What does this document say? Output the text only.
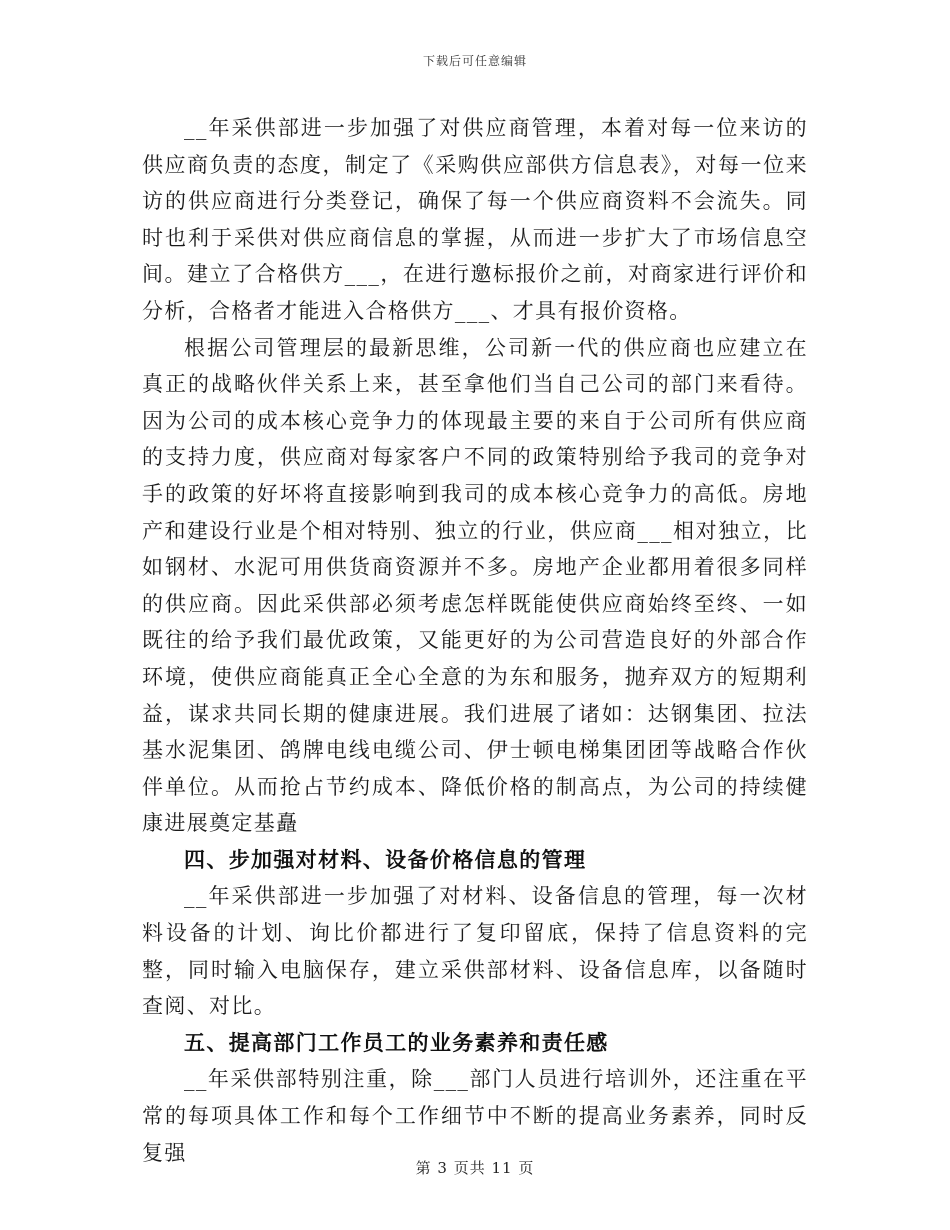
下载后可任意编辑

__年采供部进一步加强了对供应商管理，本着对每一位来访的供应商负责的态度，制定了《采购供应部供方信息表》，对每一位来访的供应商进行分类登记，确保了每一个供应商资料不会流失。同时也利于采供对供应商信息的掌握，从而进一步扩大了市场信息空间。建立了合格供方___，在进行邀标报价之前，对商家进行评价和分析，合格者才能进入合格供方___、才具有报价资格。

根据公司管理层的最新思维，公司新一代的供应商也应建立在真正的战略伙伴关系上来，甚至拿他们当自己公司的部门来看待。因为公司的成本核心竞争力的体现最主要的来自于公司所有供应商的支持力度，供应商对每家客户不同的政策特别给予我司的竞争对手的政策的好坏将直接影响到我司的成本核心竞争力的高低。房地产和建设行业是个相对特别、独立的行业，供应商___相对独立，比如钢材、水泥可用供货商资源并不多。房地产企业都用着很多同样的供应商。因此采供部必须考虑怎样既能使供应商始终至终、一如既往的给予我们最优政策，又能更好的为公司营造良好的外部合作环境，使供应商能真正全心全意的为东和服务，抛弃双方的短期利益，谋求共同长期的健康进展。我们进展了诸如：达钢集团、拉法基水泥集团、鸽牌电线电缆公司、伊士顿电梯集团团等战略合作伙伴单位。从而抢占节约成本、降低价格的制高点，为公司的持续健康进展奠定基矗

四、步加强对材料、设备价格信息的管理

__年采供部进一步加强了对材料、设备信息的管理，每一次材料设备的计划、询比价都进行了复印留底，保持了信息资料的完整，同时输入电脑保存，建立采供部材料、设备信息库，以备随时查阅、对比。

五、提高部门工作员工的业务素养和责任感

__年采供部特别注重，除___部门人员进行培训外，还注重在平常的每项具体工作和每个工作细节中不断的提高业务素养，同时反复强

第 3 页共 11 页
